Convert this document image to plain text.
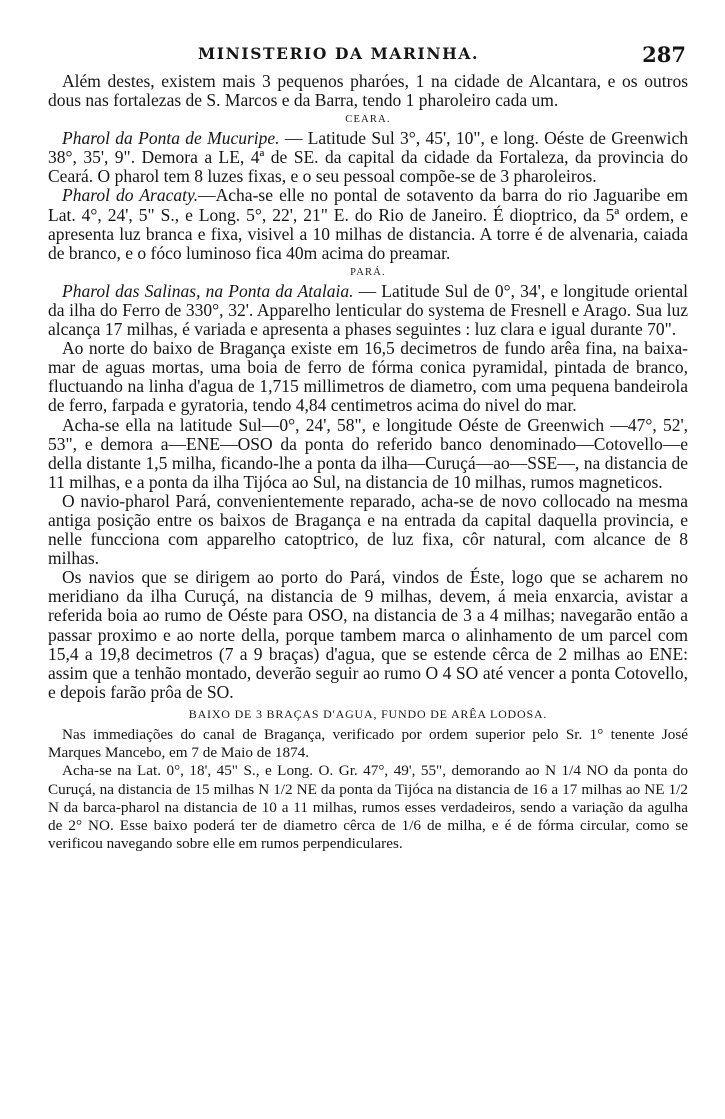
MINISTERIO DA MARINHA.	287

Além destes, existem mais 3 pequenos pharóes, 1 na cidade de Alcantara, e os outros dous nas fortalezas de S. Marcos e da Barra, tendo 1 pharoleiro cada um.

CEARA.

Pharol da Ponta de Mucuripe. — Latitude Sul 3°, 45', 10", e long. Oéste de Greenwich 38°, 35', 9". Demora a LE, 4ª de SE. da capital da cidade da Fortaleza, da provincia do Ceará. O pharol tem 8 luzes fixas, e o seu pessoal compõe-se de 3 pharoleiros.

Pharol do Aracaty.—Acha-se elle no pontal de sotavento da barra do rio Jaguaribe em Lat. 4°, 24', 5" S., e Long. 5°, 22', 21" E. do Rio de Janeiro. É dioptrico, da 5ª ordem, e apresenta luz branca e fixa, visivel a 10 milhas de distancia. A torre é de alvenaria, caiada de branco, e o fóco luminoso fica 40m acima do preamar.

PARÁ.

Pharol das Salinas, na Ponta da Atalaia. — Latitude Sul de 0°, 34', e longitude oriental da ilha do Ferro de 330°, 32'. Apparelho lenticular do systema de Fresnell e Arago. Sua luz alcança 17 milhas, é variada e apresenta a phases seguintes : luz clara e igual durante 70".

Ao norte do baixo de Bragança existe em 16,5 decimetros de fundo arêa fina, na baixa-mar de aguas mortas, uma boia de ferro de fórma conica pyramidal, pintada de branco, fluctuando na linha d'agua de 1,715 millimetros de diametro, com uma pequena bandeirola de ferro, farpada e gyratoria, tendo 4,84 centimetros acima do nivel do mar.

Acha-se ella na latitude Sul—0°, 24', 58", e longitude Oéste de Greenwich —47°, 52', 53", e demora a—ENE—OSO da ponta do referido banco denominado—Cotovello—e della distante 1,5 milha, ficando-lhe a ponta da ilha—Curuçá—ao—SSE—, na distancia de 11 milhas, e a ponta da ilha Tijóca ao Sul, na distancia de 10 milhas, rumos magneticos.

O navio-pharol Pará, convenientemente reparado, acha-se de novo collocado na mesma antiga posição entre os baixos de Bragança e na entrada da capital daquella provincia, e nelle funcciona com apparelho catoptrico, de luz fixa, côr natural, com alcance de 8 milhas.

Os navios que se dirigem ao porto do Pará, vindos de Éste, logo que se acharem no meridiano da ilha Curuçá, na distancia de 9 milhas, devem, á meia enxarcia, avistar a referida boia ao rumo de Oéste para OSO, na distancia de 3 a 4 milhas; navegarão então a passar proximo e ao norte della, porque tambem marca o alinhamento de um parcel com 15,4 a 19,8 decimetros (7 a 9 braças) d'agua, que se estende cêrca de 2 milhas ao ENE: assim que a tenhão montado, deverão seguir ao rumo O 4 SO até vencer a ponta Cotovello, e depois farão prôa de SO.

BAIXO DE 3 BRAÇAS D'AGUA, FUNDO DE ARÊA LODOSA.

Nas immediações do canal de Bragança, verificado por ordem superior pelo Sr. 1° tenente José Marques Mancebo, em 7 de Maio de 1874.

Acha-se na Lat. 0°, 18', 45" S., e Long. O. Gr. 47°, 49', 55", demorando ao N 1/4 NO da ponta do Curuçá, na distancia de 15 milhas N 1/2 NE da ponta da Tijóca na distancia de 16 a 17 milhas ao NE 1/2 N da barca-pharol na distancia de 10 a 11 milhas, rumos esses verdadeiros, sendo a variação da agulha de 2° NO. Esse baixo poderá ter de diametro cêrca de 1/6 de milha, e é de fórma circular, como se verificou navegando sobre elle em rumos perpendiculares.
